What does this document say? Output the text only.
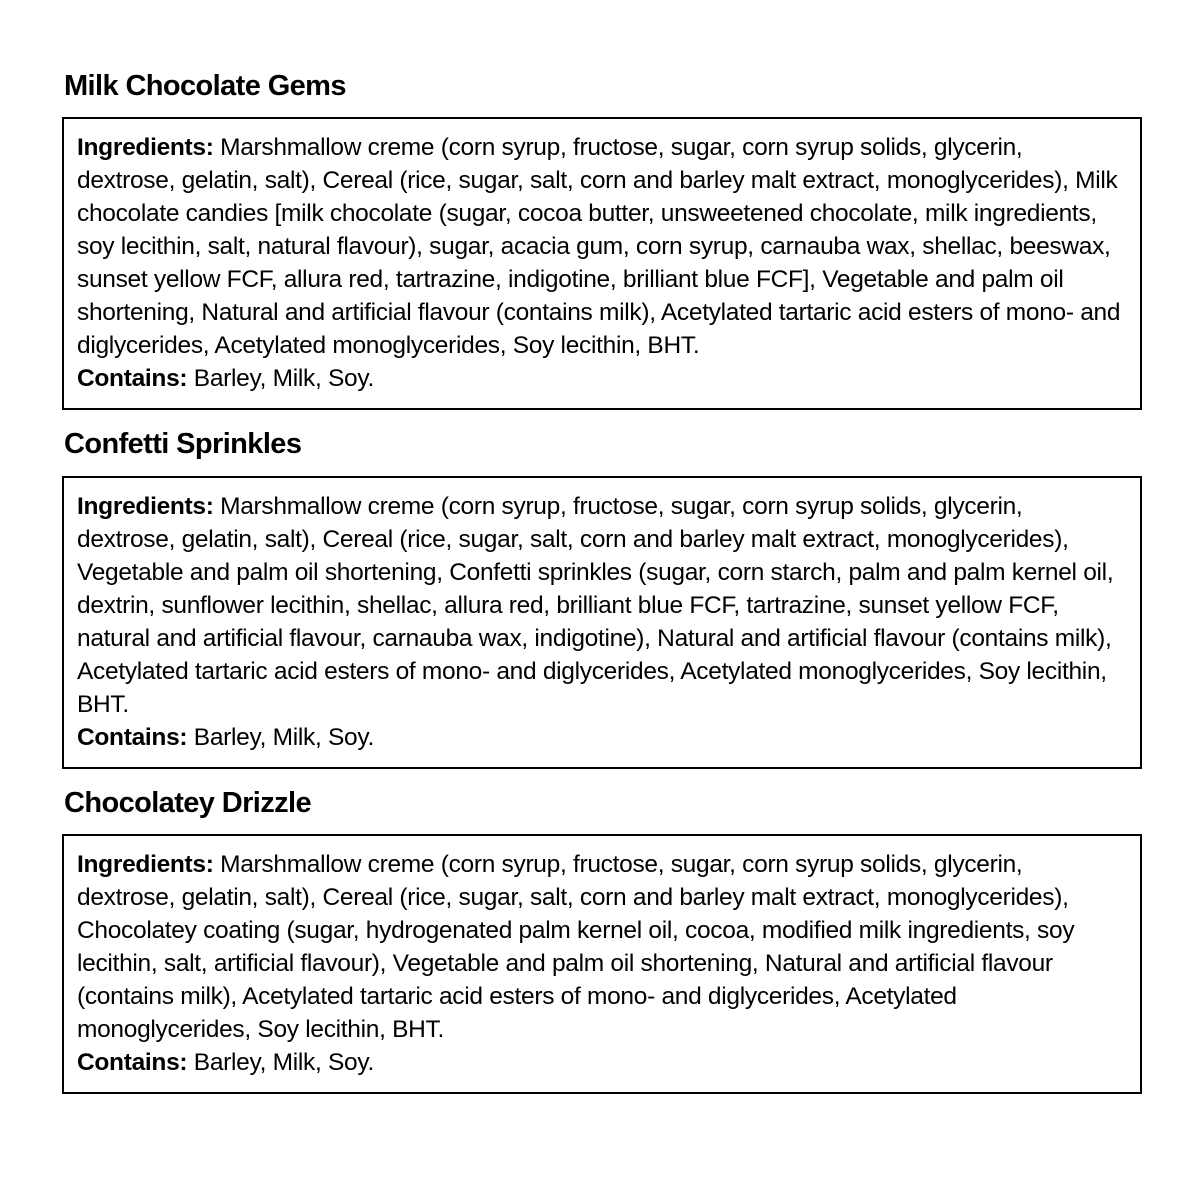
Milk Chocolate Gems

Ingredients: Marshmallow creme (corn syrup, fructose, sugar, corn syrup solids, glycerin, dextrose, gelatin, salt), Cereal (rice, sugar, salt, corn and barley malt extract, monoglycerides), Milk chocolate candies [milk chocolate (sugar, cocoa butter, unsweetened chocolate, milk ingredients, soy lecithin, salt, natural flavour), sugar, acacia gum, corn syrup, carnauba wax, shellac, beeswax, sunset yellow FCF, allura red, tartrazine, indigotine, brilliant blue FCF], Vegetable and palm oil shortening, Natural and artificial flavour (contains milk), Acetylated tartaric acid esters of mono- and diglycerides, Acetylated monoglycerides, Soy lecithin, BHT.

Contains: Barley, Milk, Soy.

Confetti Sprinkles

Ingredients: Marshmallow creme (corn syrup, fructose, sugar, corn syrup solids, glycerin, dextrose, gelatin, salt), Cereal (rice, sugar, salt, corn and barley malt extract, monoglycerides), Vegetable and palm oil shortening, Confetti sprinkles (sugar, corn starch, palm and palm kernel oil, dextrin, sunflower lecithin, shellac, allura red, brilliant blue FCF, tartrazine, sunset yellow FCF, natural and artificial flavour, carnauba wax, indigotine), Natural and artificial flavour (contains milk), Acetylated tartaric acid esters of mono- and diglycerides, Acetylated monoglycerides, Soy lecithin, BHT.

Contains: Barley, Milk, Soy.

Chocolatey Drizzle

Ingredients: Marshmallow creme (corn syrup, fructose, sugar, corn syrup solids, glycerin, dextrose, gelatin, salt), Cereal (rice, sugar, salt, corn and barley malt extract, monoglycerides), Chocolatey coating (sugar, hydrogenated palm kernel oil, cocoa, modified milk ingredients, soy lecithin, salt, artificial flavour), Vegetable and palm oil shortening, Natural and artificial flavour (contains milk), Acetylated tartaric acid esters of mono- and diglycerides, Acetylated monoglycerides, Soy lecithin, BHT.

Contains: Barley, Milk, Soy.
